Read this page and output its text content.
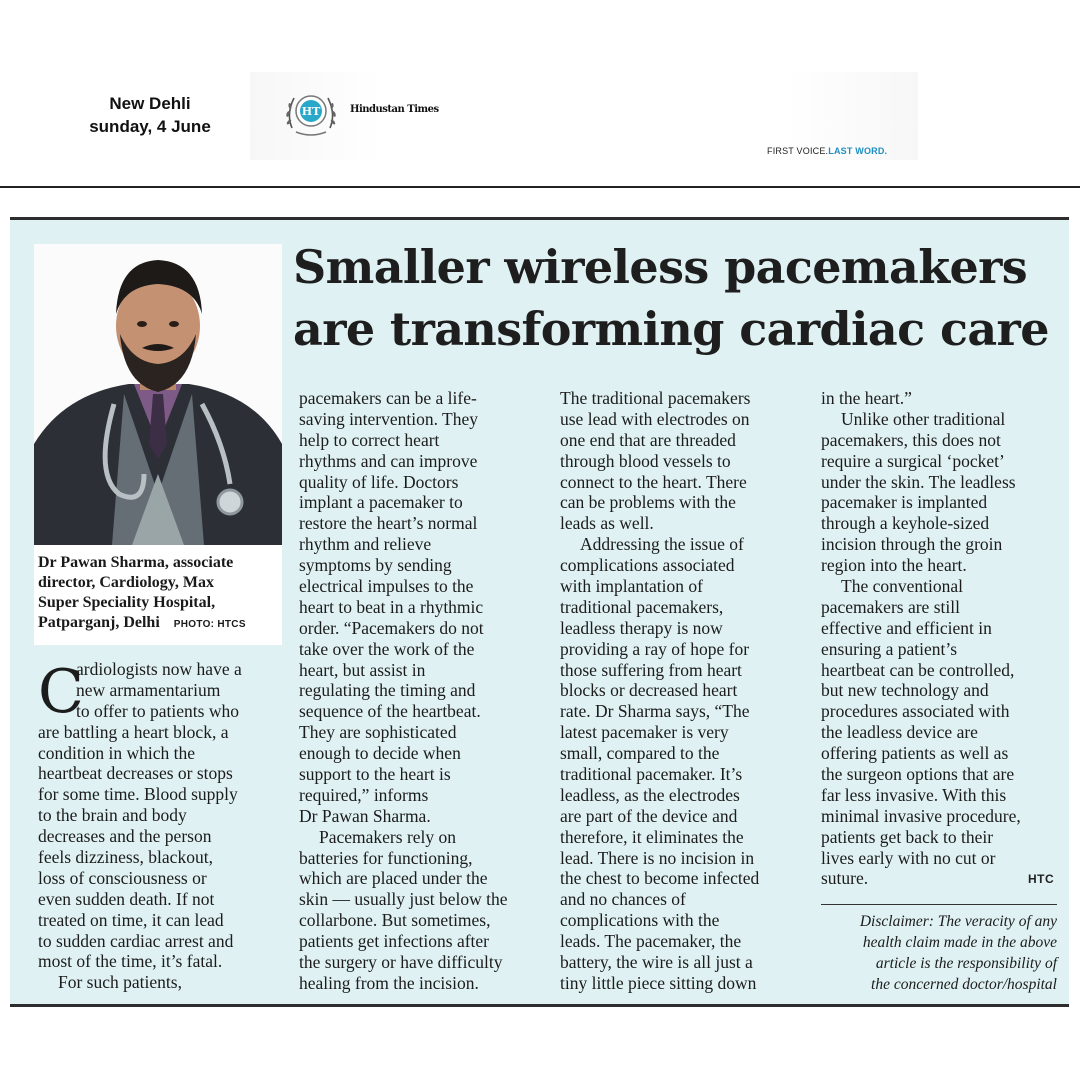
New Dehli
sunday, 4 June
HT	Hindustan Times
FIRST VOICE.LAST WORD.
Dr Pawan Sharma, associate
director, Cardiology, Max
Super Speciality Hospital,
Patparganj, Delhi PHOTO: HTCS
Smaller wireless pacemakers
are transforming cardiac care
C
ardiologists now have a
new armamentarium
to offer to patients who
are battling a heart block, a
condition in which the
heartbeat decreases or stops
for some time. Blood supply
to the brain and body
decreases and the person
feels dizziness, blackout,
loss of consciousness or
even sudden death. If not
treated on time, it can lead
to sudden cardiac arrest and
most of the time, it’s fatal.
For such patients,
pacemakers can be a life-
saving intervention. They
help to correct heart
rhythms and can improve
quality of life. Doctors
implant a pacemaker to
restore the heart’s normal
rhythm and relieve
symptoms by sending
electrical impulses to the
heart to beat in a rhythmic
order. “Pacemakers do not
take over the work of the
heart, but assist in
regulating the timing and
sequence of the heartbeat.
They are sophisticated
enough to decide when
support to the heart is
required,” informs
Dr Pawan Sharma.
Pacemakers rely on
batteries for functioning,
which are placed under the
skin — usually just below the
collarbone. But sometimes,
patients get infections after
the surgery or have difficulty
healing from the incision.
The traditional pacemakers
use lead with electrodes on
one end that are threaded
through blood vessels to
connect to the heart. There
can be problems with the
leads as well.
Addressing the issue of
complications associated
with implantation of
traditional pacemakers,
leadless therapy is now
providing a ray of hope for
those suffering from heart
blocks or decreased heart
rate. Dr Sharma says, “The
latest pacemaker is very
small, compared to the
traditional pacemaker. It’s
leadless, as the electrodes
are part of the device and
therefore, it eliminates the
lead. There is no incision in
the chest to become infected
and no chances of
complications with the
leads. The pacemaker, the
battery, the wire is all just a
tiny little piece sitting down
in the heart.”
Unlike other traditional
pacemakers, this does not
require a surgical ‘pocket’
under the skin. The leadless
pacemaker is implanted
through a keyhole-sized
incision through the groin
region into the heart.
The conventional
pacemakers are still
effective and efficient in
ensuring a patient’s
heartbeat can be controlled,
but new technology and
procedures associated with
the leadless device are
offering patients as well as
the surgeon options that are
far less invasive. With this
minimal invasive procedure,
patients get back to their
lives early with no cut or
suture.	HTC
Disclaimer: The veracity of any
health claim made in the above
article is the responsibility of
the concerned doctor/hospital
